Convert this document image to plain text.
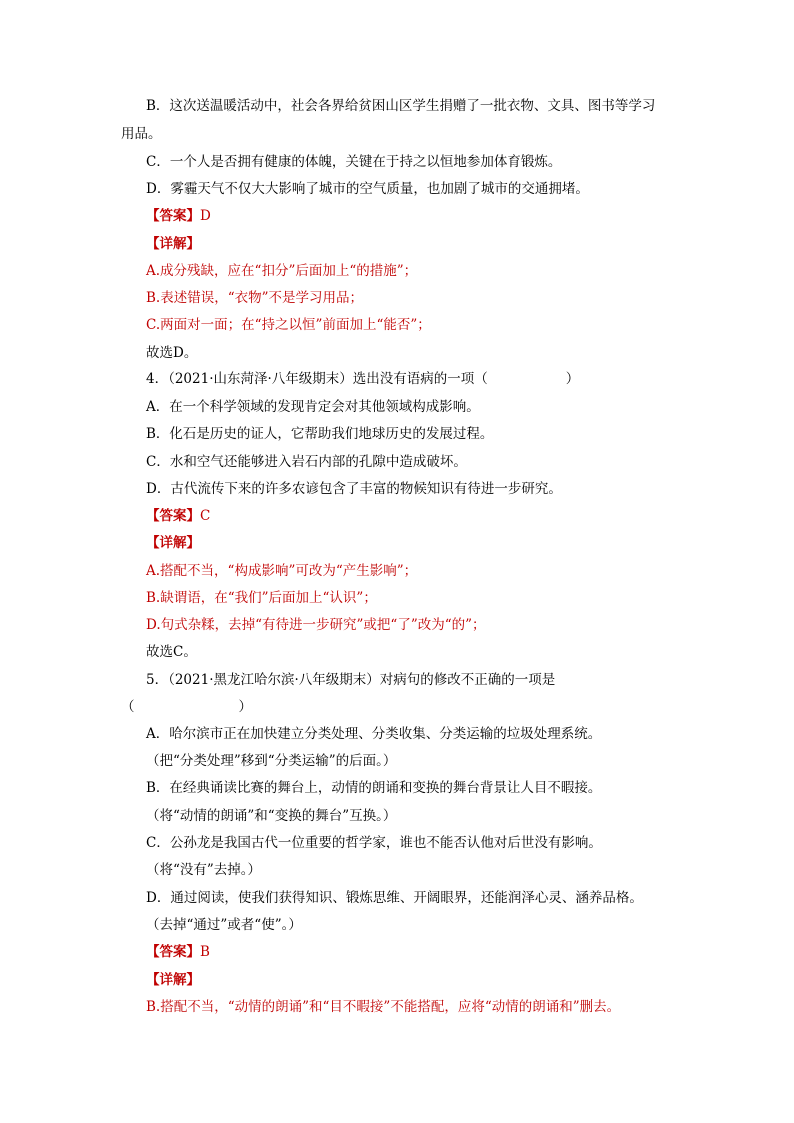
B．这次送温暖活动中，社会各界给贫困山区学生捐赠了一批衣物、文具、图书等学习
用品。
C．一个人是否拥有健康的体魄，关键在于持之以恒地参加体育锻炼。
D．雾霾天气不仅大大影响了城市的空气质量，也加剧了城市的交通拥堵。
【答案】D
【详解】
A.成分残缺，应在“扣分”后面加上“的措施”；
B.表述错误，“衣物”不是学习用品；
C.两面对一面；在“持之以恒”前面加上“能否”；
故选D。
4．（2021·山东菏泽·八年级期末）选出没有语病的一项（	）
A．在一个科学领域的发现肯定会对其他领域构成影响。
B．化石是历史的证人，它帮助我们地球历史的发展过程。
C．水和空气还能够进入岩石内部的孔隙中造成破坏。
D．古代流传下来的许多农谚包含了丰富的物候知识有待进一步研究。
【答案】C
【详解】
A.搭配不当，“构成影响”可改为“产生影响”；
B.缺谓语，在“我们”后面加上“认识”；
D.句式杂糅，去掉“有待进一步研究”或把“了”改为“的”；
故选C。
5．（2021·黑龙江哈尔滨·八年级期末）对病句的修改不正确的一项是
（	）
A．哈尔滨市正在加快建立分类处理、分类收集、分类运输的垃圾处理系统。
（把“分类处理”移到“分类运输”的后面。）
B．在经典诵读比赛的舞台上，动情的朗诵和变换的舞台背景让人目不暇接。
（将“动情的朗诵”和“变换的舞台”互换。）
C．公孙龙是我国古代一位重要的哲学家，谁也不能否认他对后世没有影响。
（将“没有”去掉。）
D．通过阅读，使我们获得知识、锻炼思维、开阔眼界，还能润泽心灵、涵养品格。
（去掉“通过”或者“使”。）
【答案】B
【详解】
B.搭配不当，“动情的朗诵”和“目不暇接”不能搭配，应将“动情的朗诵和”删去。
